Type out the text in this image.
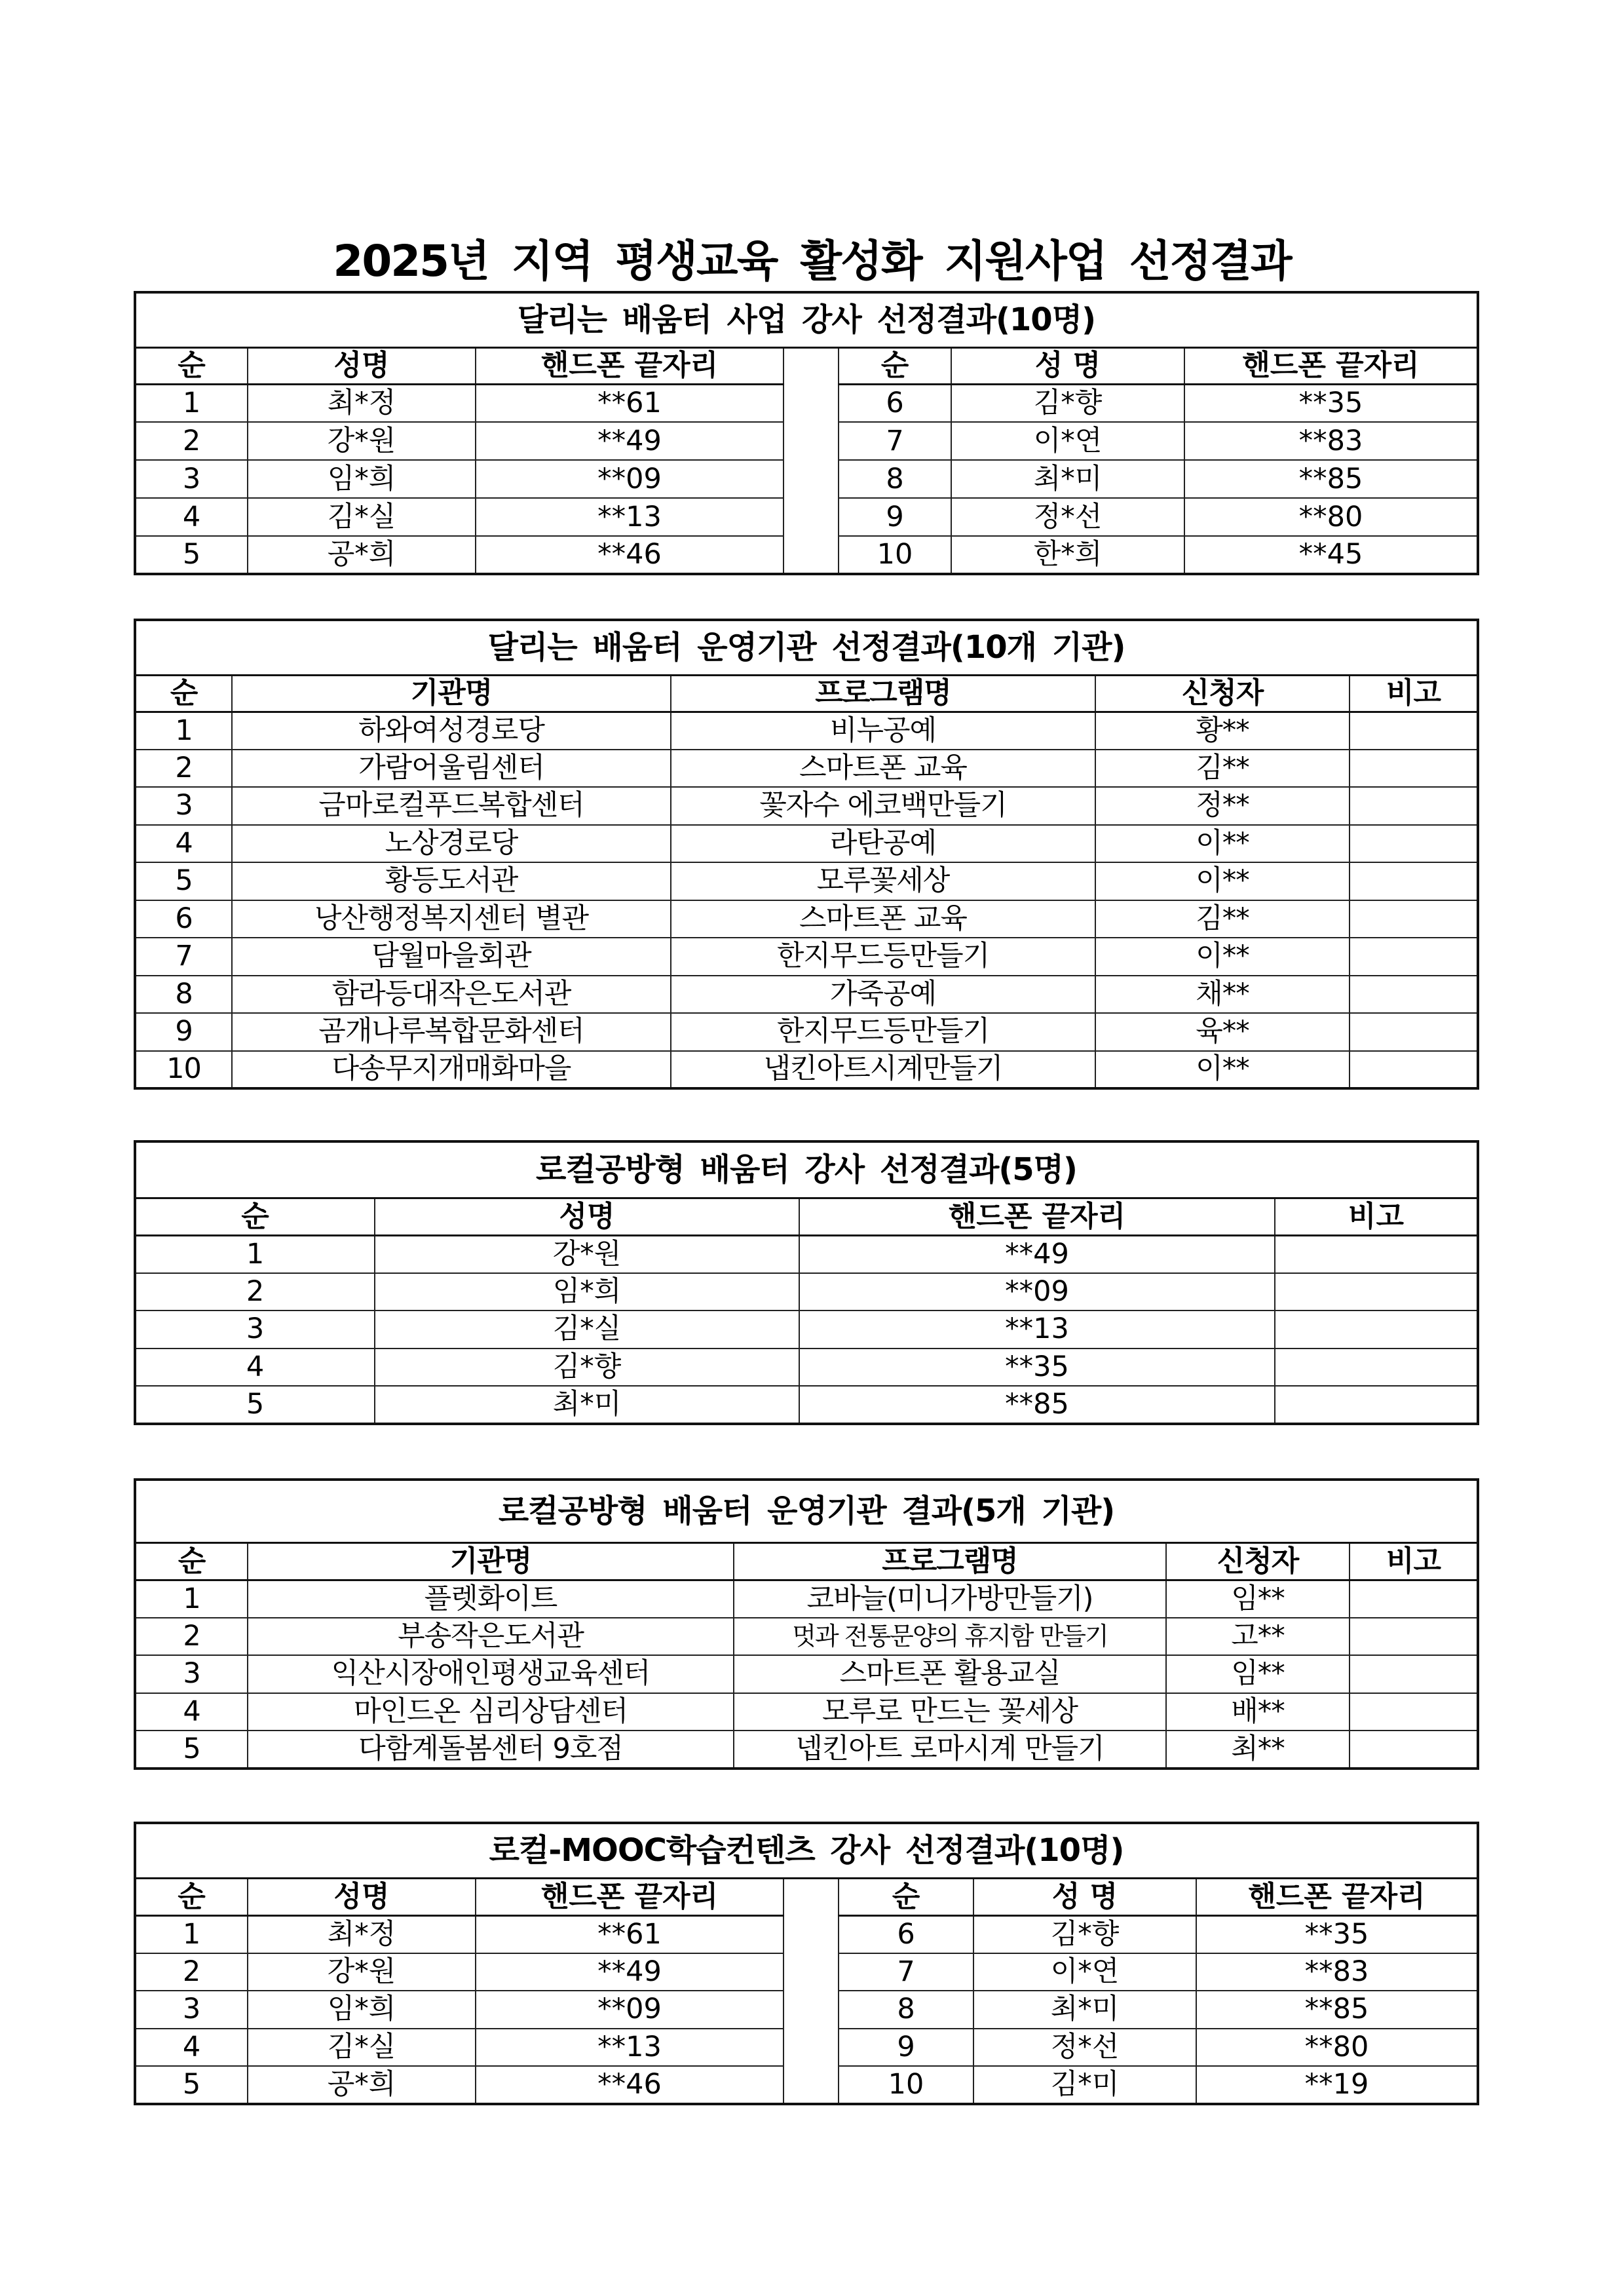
2025년 지역 평생교육 활성화 지원사업 선정결과
달리는 배움터 사업 강사 선정결과(10명)						
순	성명	핸드폰 끝자리		순	성 명	핸드폰 끝자리
1	최*정	**61		6	김*향	**35
2	강*원	**49		7	이*연	**83
3	임*희	**09		8	최*미	**85
4	김*실	**13		9	정*선	**80
5	공*희	**46		10	한*희	**45
달리는 배움터 운영기관 선정결과(10개 기관)				
순	기관명	프로그램명	신청자	비고
1	하와여성경로당	비누공예	황**	
2	가람어울림센터	스마트폰 교육	김**	
3	금마로컬푸드복합센터	꽃자수 에코백만들기	정**	
4	노상경로당	라탄공예	이**	
5	황등도서관	모루꽃세상	이**	
6	낭산행정복지센터 별관	스마트폰 교육	김**	
7	담월마을회관	한지무드등만들기	이**	
8	함라등대작은도서관	가죽공예	채**	
9	곰개나루복합문화센터	한지무드등만들기	육**	
10	다송무지개매화마을	냅킨아트시계만들기	이**	
로컬공방형 배움터 강사 선정결과(5명)			
순	성명	핸드폰 끝자리	비고
1	강*원	**49	
2	임*희	**09	
3	김*실	**13	
4	김*향	**35	
5	최*미	**85	
로컬공방형 배움터 운영기관 결과(5개 기관)				
순	기관명	프로그램명	신청자	비고
1	플렛화이트	코바늘(미니가방만들기)	임**	
2	부송작은도서관	멋과 전통문양의 휴지함 만들기	고**	
3	익산시장애인평생교육센터	스마트폰 활용교실	임**	
4	마인드온 심리상담센터	모루로 만드는 꽃세상	배**	
5	다함계돌봄센터 9호점	넵킨아트 로마시계 만들기	최**	
로컬-MOOC학습컨텐츠 강사 선정결과(10명)						
순	성명	핸드폰 끝자리		순	성 명	핸드폰 끝자리
1	최*정	**61		6	김*향	**35
2	강*원	**49		7	이*연	**83
3	임*희	**09		8	최*미	**85
4	김*실	**13		9	정*선	**80
5	공*희	**46		10	김*미	**19
